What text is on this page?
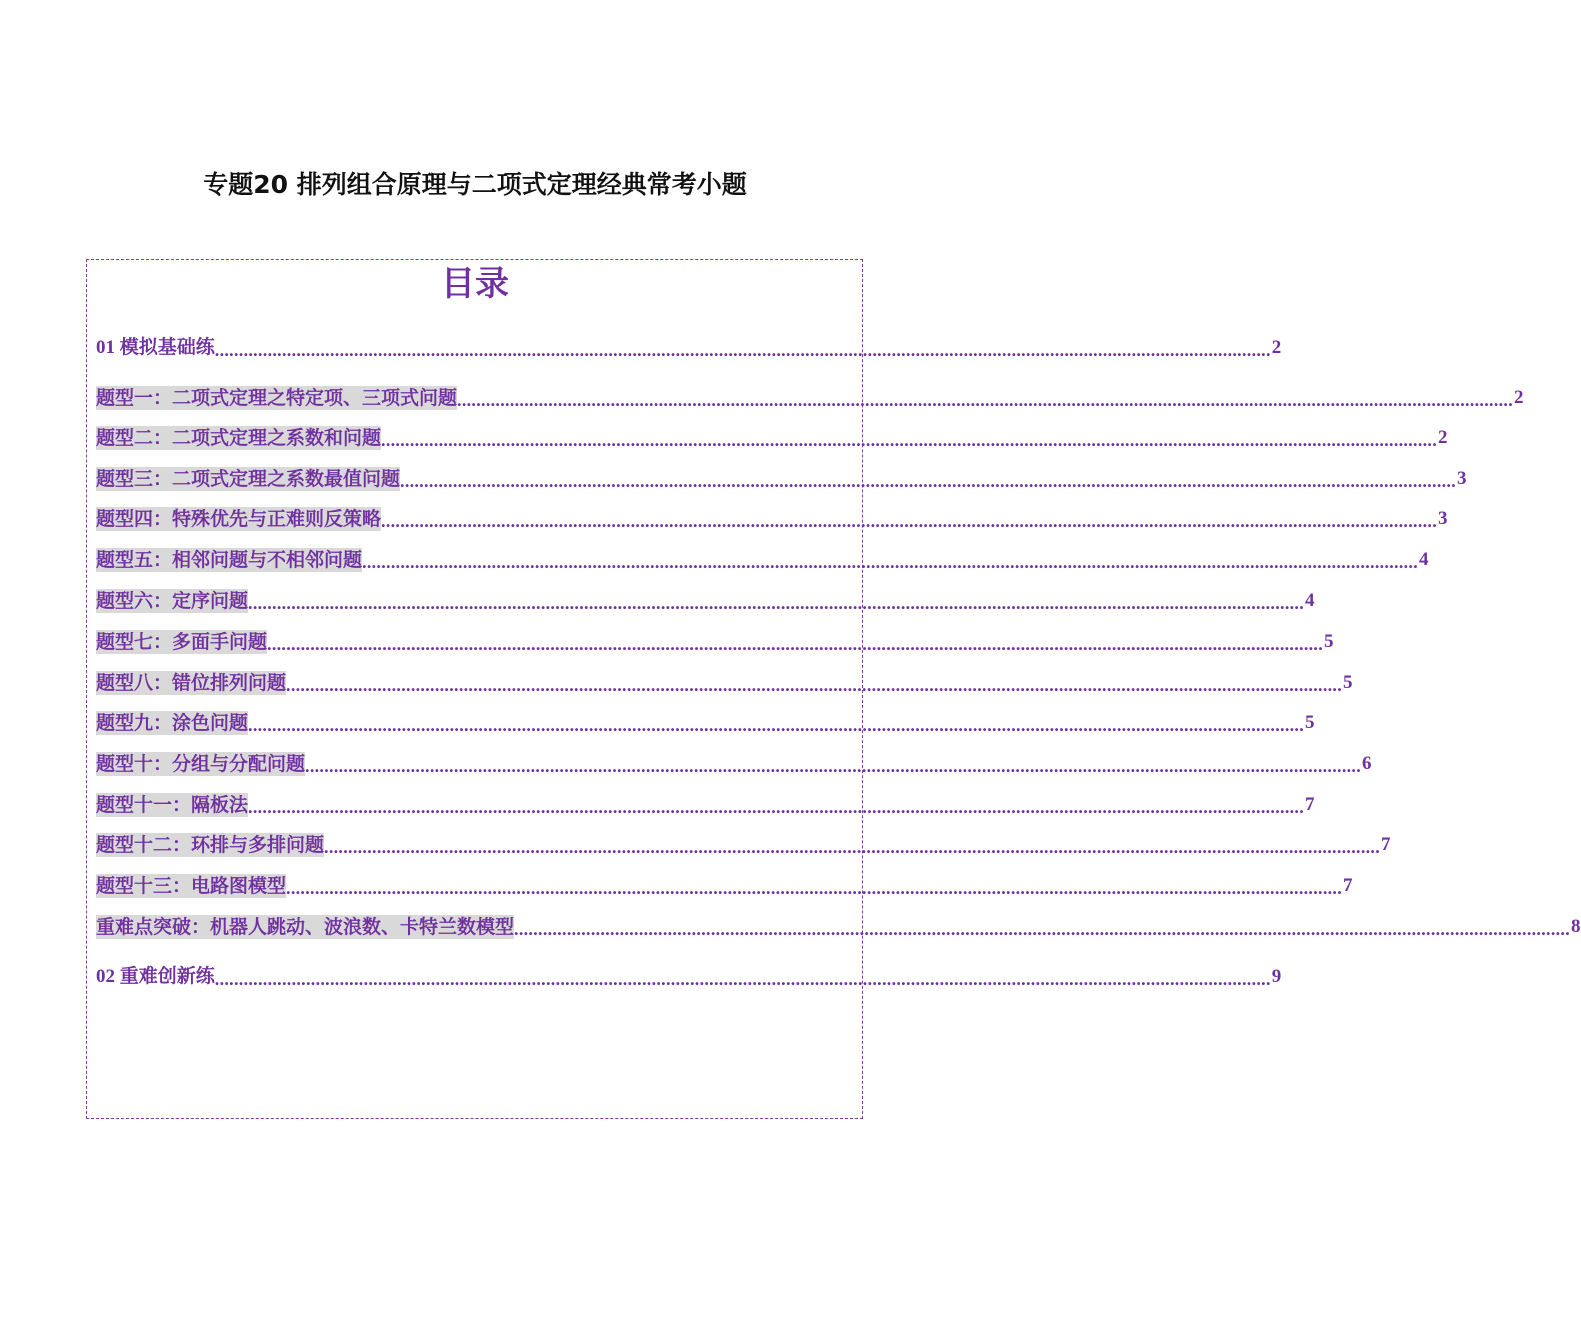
专题20 排列组合原理与二项式定理经典常考小题
目录
01 模拟基础练 ............................................................................................................................................................................................................................ 2
题型一：二项式定理之特定项、三项式问题 ............................................................................................................................................................................................................................ 2
题型二：二项式定理之系数和问题 ............................................................................................................................................................................................................................ 2
题型三：二项式定理之系数最值问题 ............................................................................................................................................................................................................................ 3
题型四：特殊优先与正难则反策略 ............................................................................................................................................................................................................................ 3
题型五：相邻问题与不相邻问题 ............................................................................................................................................................................................................................ 4
题型六：定序问题 ............................................................................................................................................................................................................................ 4
题型七：多面手问题 ............................................................................................................................................................................................................................ 5
题型八：错位排列问题 ............................................................................................................................................................................................................................ 5
题型九：涂色问题 ............................................................................................................................................................................................................................ 5
题型十：分组与分配问题 ............................................................................................................................................................................................................................ 6
题型十一：隔板法 ............................................................................................................................................................................................................................ 7
题型十二：环排与多排问题 ............................................................................................................................................................................................................................ 7
题型十三：电路图模型 ............................................................................................................................................................................................................................ 7
重难点突破：机器人跳动、波浪数、卡特兰数模型 ............................................................................................................................................................................................................................ 8
02 重难创新练 ............................................................................................................................................................................................................................ 9
